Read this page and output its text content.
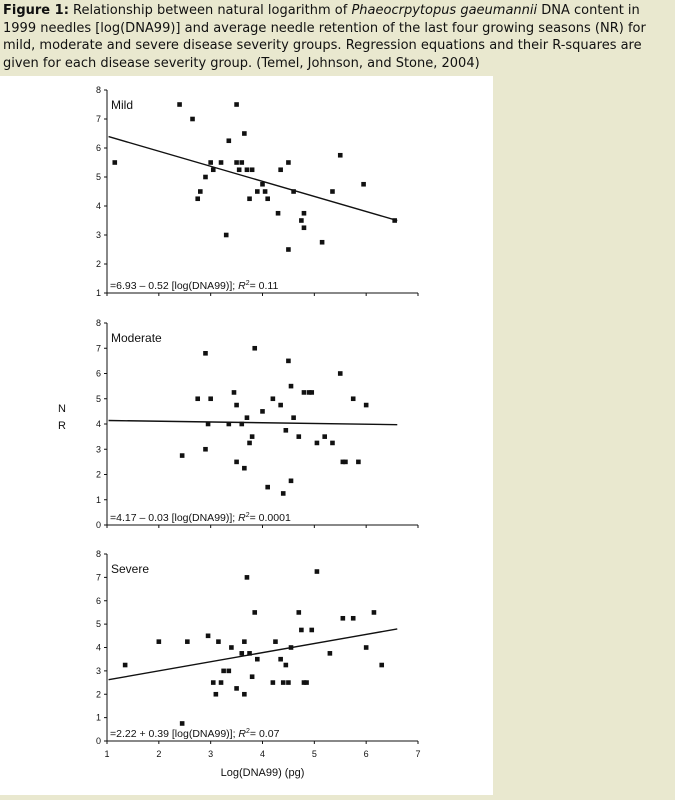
Figure 1: Relationship between natural logarithm of Phaeocrpytopus gaeumannii DNA content in 1999 needles [log(DNA99)] and average needle retention of the last four growing seasons (NR) for mild, moderate and severe disease severity groups. Regression equations and their R-squares are given for each disease severity group. (Temel, Johnson, and Stone, 2004)
1
2
3
4
5
6
7
8
Mild
=6.93 – 0.52 [log(DNA99)]; $R^2= 0.11$
0
1
2
3
4
5
6
7
8
Moderate
=4.17 – 0.03 [log(DNA99)]; $R^2= 0.0001$
0
1
2
3
4
5
6
7
8
1	2	3	4	5	6	7
Severe
=2.22 + 0.39 [log(DNA99)]; $R^2= 0.07$
Log(DNA99) (pg)
N
R
